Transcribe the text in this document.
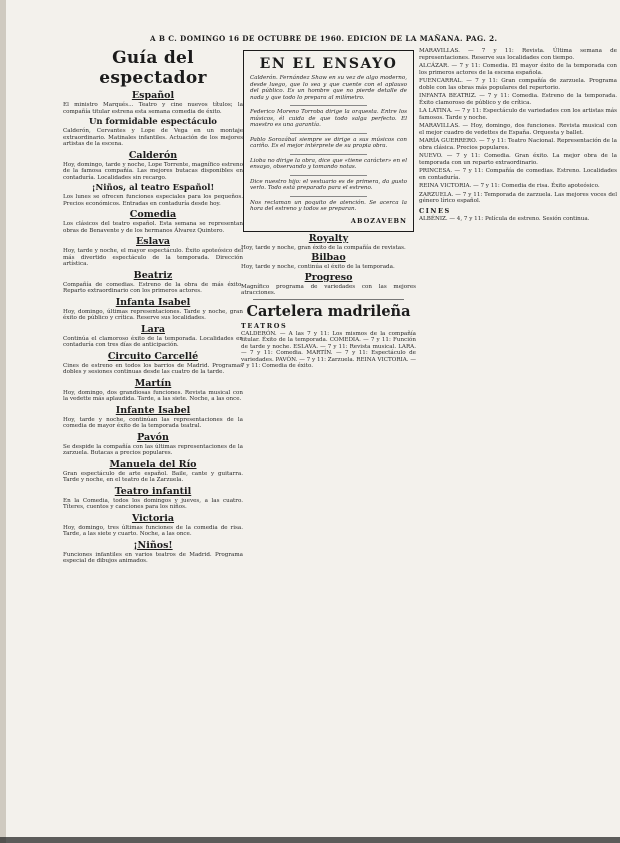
A B C. DOMINGO 16 DE OCTUBRE DE 1960. EDICION DE LA MAÑANA. PAG. 2.
Guía del espectador
Español
El ministro Marqués... Teatro y cine nuevos títulos; la compañía titular estrena esta semana comedia de éxito.
Un formidable espectáculo
Calderón, Cervantes y Lope de Vega en un montaje extraordinario. Matinales infantiles. Actuación de los mejores artistas de la escena.
Calderón
Hoy, domingo, tarde y noche, Lope Torrente, magnífico estreno de la famosa compañía. Las mejores butacas disponibles en contaduría. Localidades sin recargo.
¡Niños, al teatro Español!
Los lunes se ofrecen funciones especiales para los pequeños. Precios económicos. Entradas en contaduría desde hoy.
Comedia
Los clásicos del teatro español. Esta semana se representan obras de Benavente y de los hermanos Álvarez Quintero.
Eslava
Hoy, tarde y noche, el mayor espectáculo. Éxito apoteósico del más divertido espectáculo de la temporada. Dirección artística.
Beatriz
Compañía de comedias. Estreno de la obra de más éxito. Reparto extraordinario con los primeros actores.
Infanta Isabel
Hoy, domingo, últimas representaciones. Tarde y noche, gran éxito de público y crítica. Reserve sus localidades.
Lara
Continúa el clamoroso éxito de la temporada. Localidades en contaduría con tres días de anticipación.
Circuito Carcellé
Cines de estreno en todos los barrios de Madrid. Programas dobles y sesiones continuas desde las cuatro de la tarde.
Martín
Hoy, domingo, dos grandiosas funciones. Revista musical con la vedette más aplaudida. Tarde, a las siete. Noche, a las once.
Infante Isabel
Hoy, tarde y noche, continúan las representaciones de la comedia de mayor éxito de la temporada teatral.
Pavón
Se despide la compañía con las últimas representaciones de la zarzuela. Butacas a precios populares.
Manuela del Río
Gran espectáculo de arte español. Baile, cante y guitarra. Tarde y noche, en el teatro de la Zarzuela.
Teatro infantil
En la Comedia, todos los domingos y jueves, a las cuatro. Títeres, cuentos y canciones para los niños.
Victoria
Hoy, domingo, tres últimas funciones de la comedia de risa. Tarde, a las siete y cuarto. Noche, a las once.
¡Niños!
Funciones infantiles en varios teatros de Madrid. Programa especial de dibujos animados.
EN EL ENSAYO
Calderón. Fernández Shaw en su vez de algo moderno, desde luego, que lo sea y que cuente con el aplauso del público. Es un hombre que no pierde detalle de nada y que todo lo prepara al milímetro.
Federico Moreno Torroba dirige la orquesta. Entre los músicos, él cuida de que todo salga perfecto. El maestro es una garantía.
Pablo Sorozábal siempre se dirige a sus músicos con cariño. Es el mejor intérprete de su propia obra.
Lioba no dirige la obra, dice que «tiene carácter» en el ensayo, observando y tomando notas.
Dice nuestro hijo: el vestuario es de primera, da gusto verlo. Todo está preparado para el estreno.
Nos reclaman un poquito de atención. Se acerca la hora del estreno y todos se preparan.
ABOZAVEBN
Royalty
Hoy, tarde y noche, gran éxito de la compañía de revistas.
Bilbao
Hoy, tarde y noche, continúa el éxito de la temporada.
Progreso
Magnífico programa de variedades con las mejores atracciones.
Cartelera madrileña
TEATROS
CALDERÓN. — A las 7 y 11: Los mismos de la compañía titular. Éxito de la temporada. COMEDIA. — 7 y 11: Función de tarde y noche. ESLAVA. — 7 y 11: Revista musical. LARA. — 7 y 11: Comedia. MARTÍN. — 7 y 11: Espectáculo de variedades. PAVÓN. — 7 y 11: Zarzuela. REINA VICTORIA. — 7 y 11: Comedia de éxito.
MARAVILLAS. — 7 y 11: Revista. Última semana de representaciones. Reserve sus localidades con tiempo.
ALCÁZAR. — 7 y 11: Comedia. El mayor éxito de la temporada con los primeros actores de la escena española.
FUENCARRAL. — 7 y 11: Gran compañía de zarzuela. Programa doble con las obras más populares del repertorio.
INFANTA BEATRIZ. — 7 y 11: Comedia. Estreno de la temporada. Éxito clamoroso de público y de crítica.
LA LATINA. — 7 y 11: Espectáculo de variedades con los artistas más famosos. Tarde y noche.
MARAVILLAS. — Hoy, domingo, dos funciones. Revista musical con el mejor cuadro de vedettes de España. Orquesta y ballet.
MARÍA GUERRERO. — 7 y 11: Teatro Nacional. Representación de la obra clásica. Precios populares.
NUEVO. — 7 y 11: Comedia. Gran éxito. La mejor obra de la temporada con un reparto extraordinario.
PRINCESA. — 7 y 11: Compañía de comedias. Estreno. Localidades en contaduría.
REINA VICTORIA. — 7 y 11: Comedia de risa. Éxito apoteósico.
ZARZUELA. — 7 y 11: Temporada de zarzuela. Las mejores voces del género lírico español.
CINES
ALBÉNIZ. — 4, 7 y 11: Película de estreno. Sesión continua.
